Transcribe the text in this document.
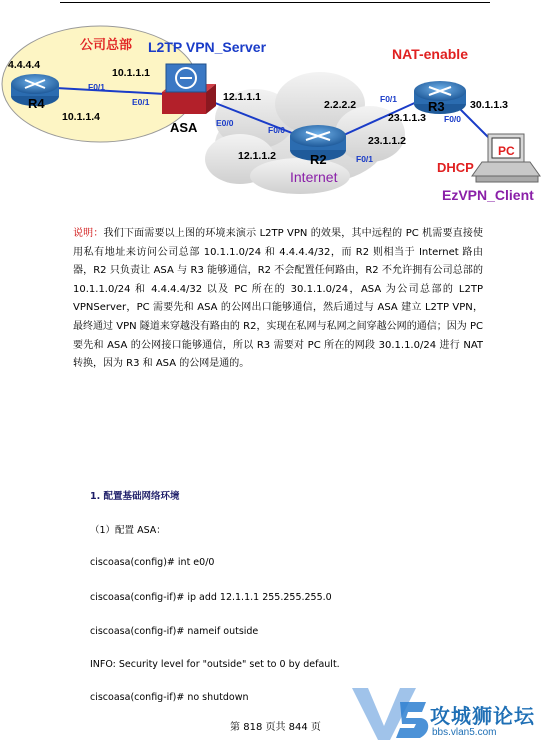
公司总部 L2TP VPN_Server	NAT-enable
Internet
DHCP
EzVPN_Client
PC
R4
ASA
R2
R3
4.4.4.4
10.1.1.1
10.1.1.4
12.1.1.1
2.2.2.2
12.1.1.2
23.1.1.2
23.1.1.3
30.1.1.3
F0/1
E0/1
E0/0
F0/0
F0/1
F0/1
F0/0
说明：我们下面需要以上图的环境来演示 L2TP VPN 的效果，其中远程的 PC 机需要直接使用私有地址来访问公司总部 10.1.1.0/24 和 4.4.4.4/32，而 R2 则相当于 Internet 路由器，R2 只负责让 ASA 与 R3 能够通信，R2 不会配置任何路由，R2 不允许拥有公司总部的 10.1.1.0/24 和 4.4.4.4/32 以及 PC 所在的 30.1.1.0/24，ASA 为公司总部的 L2TP VPNServer，PC 需要先和 ASA 的公网出口能够通信，然后通过与 ASA 建立 L2TP VPN，最终通过 VPN 隧道来穿越没有路由的 R2，实现在私网与私网之间穿越公网的通信；因为 PC 要先和 ASA 的公网接口能够通信，所以 R3 需要对 PC 所在的网段 30.1.1.0/24 进行 NAT 转换，因为 R3 和 ASA 的公网是通的。
1. 配置基础网络环境
（1）配置 ASA：
ciscoasa(config)# int e0/0
ciscoasa(config-if)# ip add 12.1.1.1 255.255.255.0
ciscoasa(config-if)# nameif outside
INFO: Security level for "outside" set to 0 by default.
ciscoasa(config-if)# no shutdown
第 818 页共 844 页	攻城狮论坛
bbs.vlan5.com
